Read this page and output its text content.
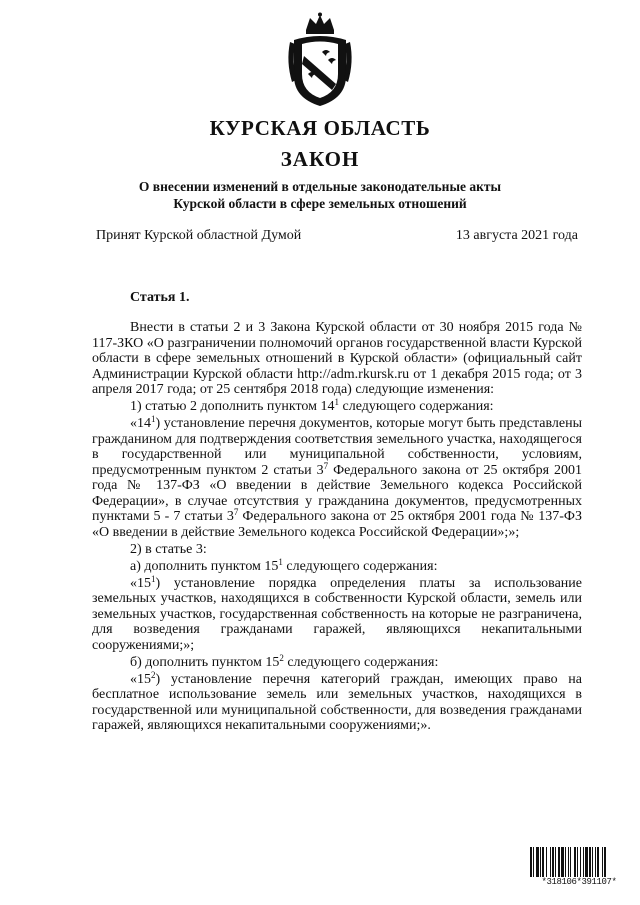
КУРСКАЯ ОБЛАСТЬ
ЗАКОН
О внесении изменений в отдельные законодательные акты
Курской области в сфере земельных отношений
Принят Курской областной Думой	13 августа 2021 года
Статья 1.

Внести в статьи 2 и 3 Закона Курской области от 30 ноября 2015 года № 117-ЗКО «О разграничении полномочий органов государственной власти Курской области в сфере земельных отношений в Курской области» (официальный сайт Администрации Курской области http://adm.rkursk.ru от 1 декабря 2015 года; от 3 апреля 2017 года; от 25 сентября 2018 года) следующие изменения:

1) статью 2 дополнить пунктом $14^1$ следующего содержания:

«$14^1$) установление перечня документов, которые могут быть представлены гражданином для подтверждения соответствия земельного участка, находящегося в государственной или муниципальной собственности, условиям, предусмотренным пунктом 2 статьи $3^7$ Федерального закона от 25 октября 2001 года № 137-ФЗ «О введении в действие Земельного кодекса Российской Федерации», в случае отсутствия у гражданина документов, предусмотренных пунктами 5 - 7 статьи $3^7$ Федерального закона от 25 октября 2001 года № 137-ФЗ «О введении в действие Земельного кодекса Российской Федерации»;»;

2) в статье 3:

а) дополнить пунктом $15^1$ следующего содержания:

«$15^1$) установление порядка определения платы за использование земельных участков, находящихся в собственности Курской области, земель или земельных участков, государственная собственность на которые не разграничена, для возведения гражданами гаражей, являющихся некапитальными сооружениями;»;

б) дополнить пунктом $15^2$ следующего содержания:

«$15^2$) установление перечня категорий граждан, имеющих право на бесплатное использование земель или земельных участков, находящихся в государственной или муниципальной собственности, для возведения гражданами гаражей, являющихся некапитальными сооружениями;».

*318106*391107*
